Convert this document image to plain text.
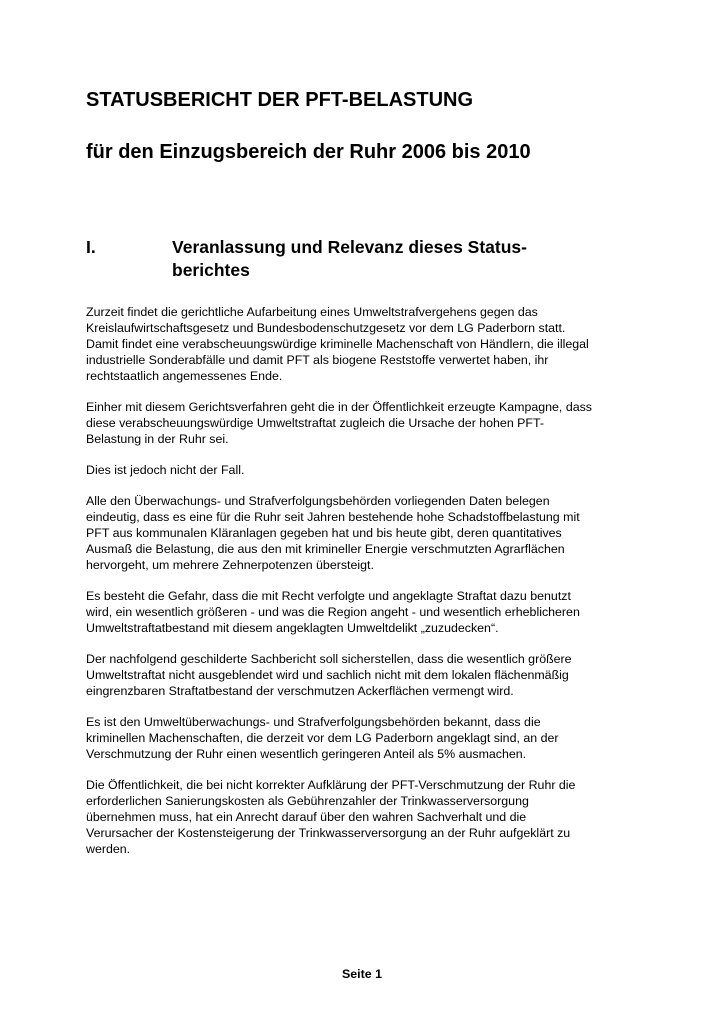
STATUSBERICHT DER PFT-BELASTUNG
für den Einzugsbereich der Ruhr 2006 bis 2010
I.	Veranlassung und Relevanz dieses Status-
berichtes

Zurzeit findet die gerichtliche Aufarbeitung eines Umweltstrafvergehens gegen das
Kreislaufwirtschaftsgesetz und Bundesbodenschutzgesetz vor dem LG Paderborn statt.
Damit findet eine verabscheuungswürdige kriminelle Machenschaft von Händlern, die illegal
industrielle Sonderabfälle und damit PFT als biogene Reststoffe verwertet haben, ihr
rechtstaatlich angemessenes Ende.

Einher mit diesem Gerichtsverfahren geht die in der Öffentlichkeit erzeugte Kampagne, dass
diese verabscheuungswürdige Umweltstraftat zugleich die Ursache der hohen PFT-
Belastung in der Ruhr sei.

Dies ist jedoch nicht der Fall.

Alle den Überwachungs- und Strafverfolgungsbehörden vorliegenden Daten belegen
eindeutig, dass es eine für die Ruhr seit Jahren bestehende hohe Schadstoffbelastung mit
PFT aus kommunalen Kläranlagen gegeben hat und bis heute gibt, deren quantitatives
Ausmaß die Belastung, die aus den mit krimineller Energie verschmutzten Agrarflächen
hervorgeht, um mehrere Zehnerpotenzen übersteigt.

Es besteht die Gefahr, dass die mit Recht verfolgte und angeklagte Straftat dazu benutzt
wird, ein wesentlich größeren - und was die Region angeht - und wesentlich erheblicheren
Umweltstraftatbestand mit diesem angeklagten Umweltdelikt „zuzudecken“.

Der nachfolgend geschilderte Sachbericht soll sicherstellen, dass die wesentlich größere
Umweltstraftat nicht ausgeblendet wird und sachlich nicht mit dem lokalen flächenmäßig
eingrenzbaren Straftatbestand der verschmutzen Ackerflächen vermengt wird.

Es ist den Umweltüberwachungs- und Strafverfolgungsbehörden bekannt, dass die
kriminellen Machenschaften, die derzeit vor dem LG Paderborn angeklagt sind, an der
Verschmutzung der Ruhr einen wesentlich geringeren Anteil als 5% ausmachen.

Die Öffentlichkeit, die bei nicht korrekter Aufklärung der PFT-Verschmutzung der Ruhr die
erforderlichen Sanierungskosten als Gebührenzahler der Trinkwasserversorgung
übernehmen muss, hat ein Anrecht darauf über den wahren Sachverhalt und die
Verursacher der Kostensteigerung der Trinkwasserversorgung an der Ruhr aufgeklärt zu
werden.

Seite 1
